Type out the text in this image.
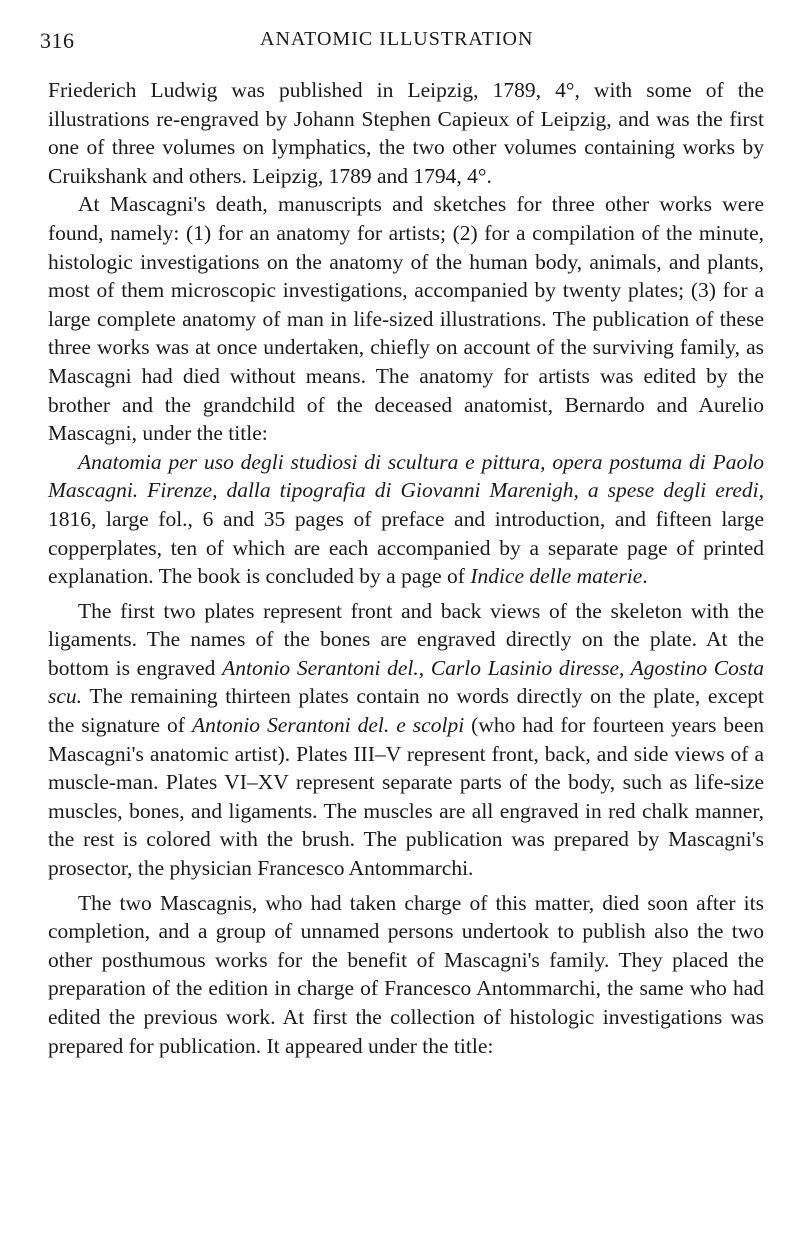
316	ANATOMIC ILLUSTRATION

Friederich Ludwig was published in Leipzig, 1789, 4°, with some of the illustrations re-engraved by Johann Stephen Capieux of Leipzig, and was the first one of three volumes on lymphatics, the two other volumes containing works by Cruikshank and others. Leipzig, 1789 and 1794, 4°.

At Mascagni's death, manuscripts and sketches for three other works were found, namely: (1) for an anatomy for artists; (2) for a compilation of the minute, histologic investigations on the anatomy of the human body, animals, and plants, most of them microscopic investigations, accompanied by twenty plates; (3) for a large complete anatomy of man in life-sized illustrations. The publication of these three works was at once undertaken, chiefly on account of the surviving family, as Mascagni had died without means. The anatomy for artists was edited by the brother and the grandchild of the deceased anatomist, Bernardo and Aurelio Mascagni, under the title:

Anatomia per uso degli studiosi di scultura e pittura, opera postuma di Paolo Mascagni. Firenze, dalla tipografia di Giovanni Marenigh, a spese degli eredi, 1816, large fol., 6 and 35 pages of preface and introduction, and fifteen large copperplates, ten of which are each accompanied by a separate page of printed explanation. The book is concluded by a page of Indice delle materie.

The first two plates represent front and back views of the skeleton with the ligaments. The names of the bones are engraved directly on the plate. At the bottom is engraved Antonio Serantoni del., Carlo Lasinio diresse, Agostino Costa scu. The remaining thirteen plates contain no words directly on the plate, except the signature of Antonio Serantoni del. e scolpi (who had for fourteen years been Mascagni's anatomic artist). Plates III–V represent front, back, and side views of a muscle-man. Plates VI–XV represent separate parts of the body, such as life-size muscles, bones, and ligaments. The muscles are all engraved in red chalk manner, the rest is colored with the brush. The publication was prepared by Mascagni's prosector, the physician Francesco Antommarchi.

The two Mascagnis, who had taken charge of this matter, died soon after its completion, and a group of unnamed persons undertook to publish also the two other posthumous works for the benefit of Mascagni's family. They placed the preparation of the edition in charge of Francesco Antommarchi, the same who had edited the previous work. At first the collection of histologic investigations was prepared for publication. It appeared under the title:
